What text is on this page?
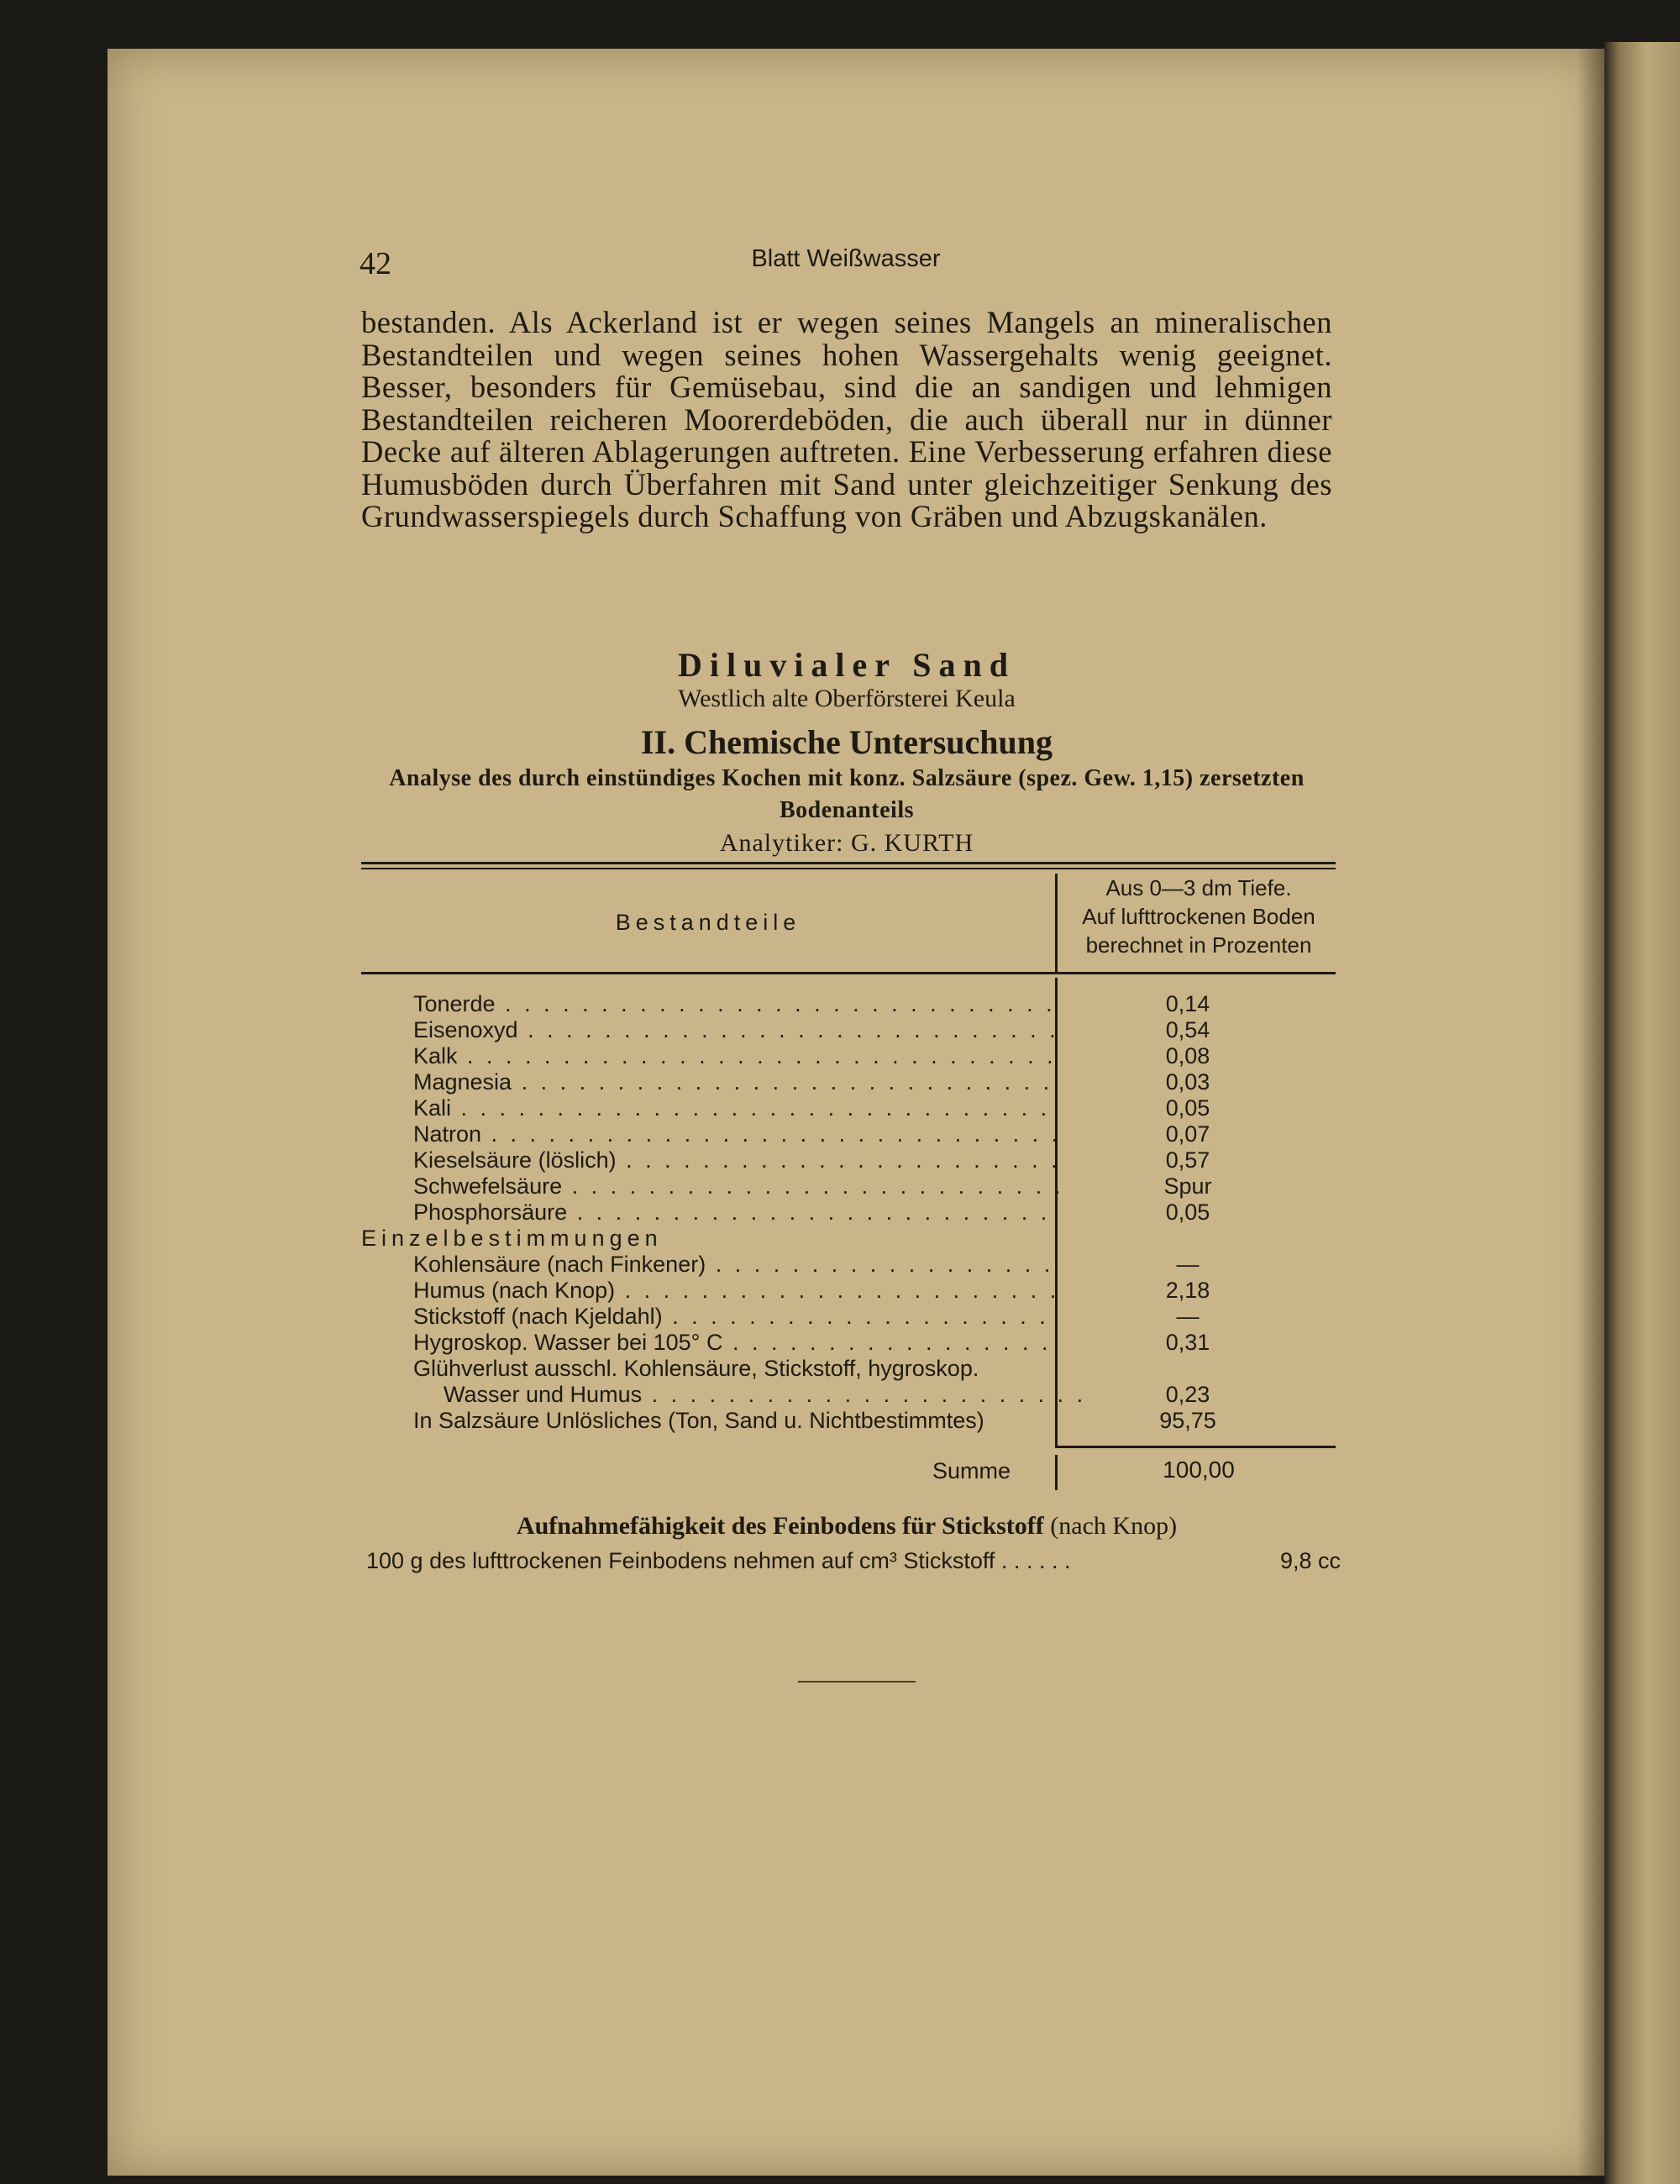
42	Blatt Weißwasser
bestanden. Als Ackerland ist er wegen seines Mangels an mineralischen Bestandteilen und wegen seines hohen Wassergehalts wenig geeignet. Besser, besonders für Gemüsebau, sind die an sandigen und lehmigen Bestandteilen reicheren Moorerdeböden, die auch überall nur in dünner Decke auf älteren Ablagerungen auftreten. Eine Verbesserung erfahren diese Humusböden durch Überfahren mit Sand unter gleichzeitiger Senkung des Grundwasserspiegels durch Schaffung von Gräben und Abzugskanälen.
Diluvialer Sand
Westlich alte Oberförsterei Keula
II. Chemische Untersuchung
Analyse des durch einstündiges Kochen mit konz. Salzsäure (spez. Gew. 1,15) zersetzten Bodenanteils
Analytiker: G. KURTH
Bestandteile
Aus 0—3 dm Tiefe.
Auf lufttrockenen Boden
berechnet in Prozenten
Tonerde . . .	0,14
Eisenoxyd . . .	0,54
Kalk . . .	0,08
Magnesia . . .	0,03
Kali . . .	0,05
Natron . . .	0,07
Kieselsäure (löslich) . . .	0,57
Schwefelsäure . . .	Spur
Phosphorsäure . . .	0,05
Einzelbestimmungen
Kohlensäure (nach Finkener) . . .	—
Humus (nach Knop) . . .	2,18
Stickstoff (nach Kjeldahl) . . .	—
Hygroskop. Wasser bei 105° C . . .	0,31
Glühverlust ausschl. Kohlensäure, Stickstoff, hygroskop.
Wasser und Humus . . .	0,23
In Salzsäure Unlösliches (Ton, Sand u. Nichtbestimmtes)	95,75
Summe	100,00
Aufnahmefähigkeit des Feinbodens für Stickstoff (nach Knop)
100 g des lufttrockenen Feinbodens nehmen auf cm³ Stickstoff . . . . . .	9,8 cc
